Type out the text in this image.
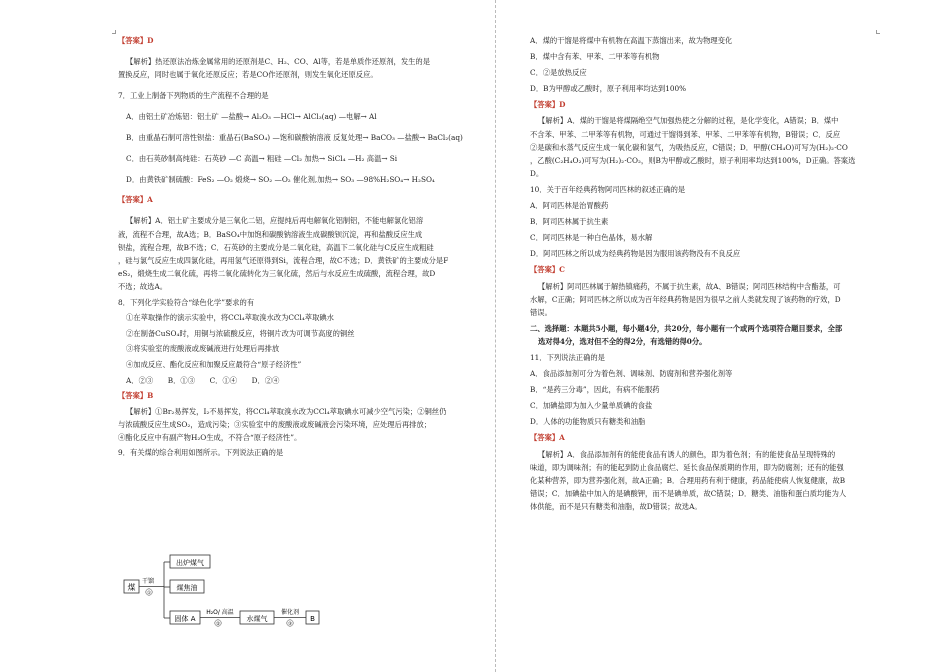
【答案】D
【解析】热还原法冶炼金属常用的还原剂是C、H₂、CO、Al等，若是单质作还原剂，发生的是
置换反应，同时也属于氧化还原反应；若是CO作还原剂，则发生氧化还原反应。
7．工业上制备下列物质的生产流程不合理的是
A．由铝土矿冶炼铝：铝土矿 —盐酸→ Al₂O₃ —HCl→ AlCl₃(aq) —电解→ Al
B．由重晶石制可溶性钡盐：重晶石(BaSO₄) —饱和碳酸钠溶液 反复处理→ BaCO₃ —盐酸→ BaCl₂(aq)
C．由石英砂制高纯硅：石英砂 —C 高温→ 粗硅 —Cl₂ 加热→ SiCl₄ —H₂ 高温→ Si
D．由黄铁矿制硫酸：FeS₂ —O₂ 煅烧→ SO₂ —O₂ 催化剂,加热→ SO₃ —98%H₂SO₄→ H₂SO₄
【答案】A
【解析】A．铝土矿主要成分是三氧化二铝，应提纯后再电解氧化铝制铝，不能电解氯化铝溶
液，流程不合理，故A选；B．BaSO₄中加饱和碳酸钠溶液生成碳酸钡沉淀，再和盐酸反应生成
钡盐，流程合理，故B不选；C．石英砂的主要成分是二氧化硅，高温下二氧化硅与C反应生成粗硅
，硅与氯气反应生成四氯化硅，再用氢气还原得到Si，流程合理，故C不选；D．黄铁矿的主要成分是F
eS₂，煅烧生成二氧化硫，再将二氧化硫转化为三氧化硫，然后与水反应生成硫酸，流程合理，故D
不选；故选A。
8．下列化学实验符合“绿色化学”要求的有
①在萃取操作的演示实验中，将CCl₄萃取溴水改为CCl₄萃取碘水
②在制备CuSO₄时，用铜与浓硫酸反应，将铜片改为可调节高度的铜丝
③将实验室的废酸液或废碱液进行处理后再排放
④加成反应、酯化反应和加聚反应最符合“原子经济性”
A．②③　　B．①③　　C．①④　　D．②④
【答案】B
【解析】①Br₂易挥发，I₂不易挥发，将CCl₄萃取溴水改为CCl₄萃取碘水可减少空气污染；②铜丝仍
与浓硫酸反应生成SO₂，造成污染；③实验室中的废酸液或废碱液会污染环境，应处理后再排放；
④酯化反应中有副产物H₂O生成，不符合“原子经济性”。
9．有关煤的综合利用如图所示。下列说法正确的是
煤
干馏
①
出炉煤气
煤焦油
固体 A
H₂O/ 高温
②
水煤气
催化剂
③
B
A．煤的干馏是将煤中有机物在高温下蒸馏出来，故为物理变化
B．煤中含有苯、甲苯、二甲苯等有机物
C．②是放热反应
D．B为甲醇或乙酸时，原子利用率均达到100%
【答案】D
【解析】A．煤的干馏是将煤隔绝空气加强热使之分解的过程，是化学变化，A错误；B．煤中
不含苯、甲苯、二甲苯等有机物，可通过干馏得到苯、甲苯、二甲苯等有机物，B错误；C．反应
②是碳和水蒸气反应生成一氧化碳和氢气，为吸热反应，C错误；D．甲醇(CH₄O)可写为(H₂)₂·CO
，乙酸(C₂H₄O₂)可写为(H₂)₂·CO₂，则B为甲醇或乙酸时，原子利用率均达到100%，D正确。答案选
D。
10．关于百年经典药物阿司匹林的叙述正确的是
A．阿司匹林是治胃酸药
B．阿司匹林属于抗生素
C．阿司匹林是一种白色晶体，易水解
D．阿司匹林之所以成为经典药物是因为服用该药物没有不良反应
【答案】C
【解析】阿司匹林属于解热镇痛药，不属于抗生素，故A、B错误；阿司匹林结构中含酯基，可
水解，C正确；阿司匹林之所以成为百年经典药物是因为很早之前人类就发现了该药物的疗效，D
错误。
二、选择题：本题共5小题，每小题4分，共20分，每小题有一个或两个选项符合题目要求，全部
选对得4分，选对但不全的得2分，有选错的得0分。
11．下列说法正确的是
A．食品添加剂可分为着色剂、调味剂、防腐剂和营养强化剂等
B．“是药三分毒”，因此，有病不能服药
C．加碘盐即为加入少量单质碘的食盐
D．人体的功能物质只有糖类和油脂
【答案】A
【解析】A．食品添加剂有的能使食品有诱人的颜色，即为着色剂；有的能使食品呈现特殊的
味道，即为调味剂；有的能起到防止食品腐烂、延长食品保质期的作用，即为防腐剂；还有的能强
化某种营养，即为营养强化剂，故A正确；B．合理用药有利于健康，药品能使病人恢复健康，故B
错误；C．加碘盐中加入的是碘酸钾，而不是碘单质，故C错误；D．糖类、油脂和蛋白质均能为人
体供能，而不是只有糖类和油脂，故D错误；故选A。
